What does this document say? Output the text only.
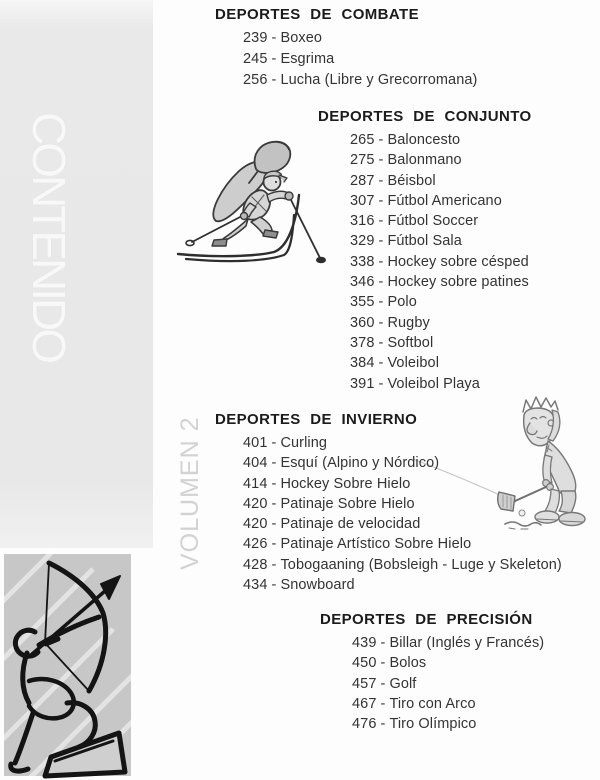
CONTENIDO
VOLUMEN 2
DEPORTES DE COMBATE
239 - Boxeo
245 - Esgrima
256 - Lucha (Libre y Grecorromana)
DEPORTES DE CONJUNTO
265 - Baloncesto
275 - Balonmano
287 - Béisbol
307 - Fútbol Americano
316 - Fútbol Soccer
329 - Fútbol Sala
338 - Hockey sobre césped
346 - Hockey sobre patines
355 - Polo
360 - Rugby
378 - Softbol
384 - Voleibol
391 - Voleibol Playa
DEPORTES DE INVIERNO
401 - Curling
404 - Esquí (Alpino y Nórdico)
414 - Hockey Sobre Hielo
420 - Patinaje Sobre Hielo
420 - Patinaje de velocidad
426 - Patinaje Artístico Sobre Hielo
428 - Tobogaaning (Bobsleigh - Luge y Skeleton)
434 - Snowboard
DEPORTES DE PRECISIÓN
439 - Billar (Inglés y Francés)
450 - Bolos
457 - Golf
467 - Tiro con Arco
476 - Tiro Olímpico
